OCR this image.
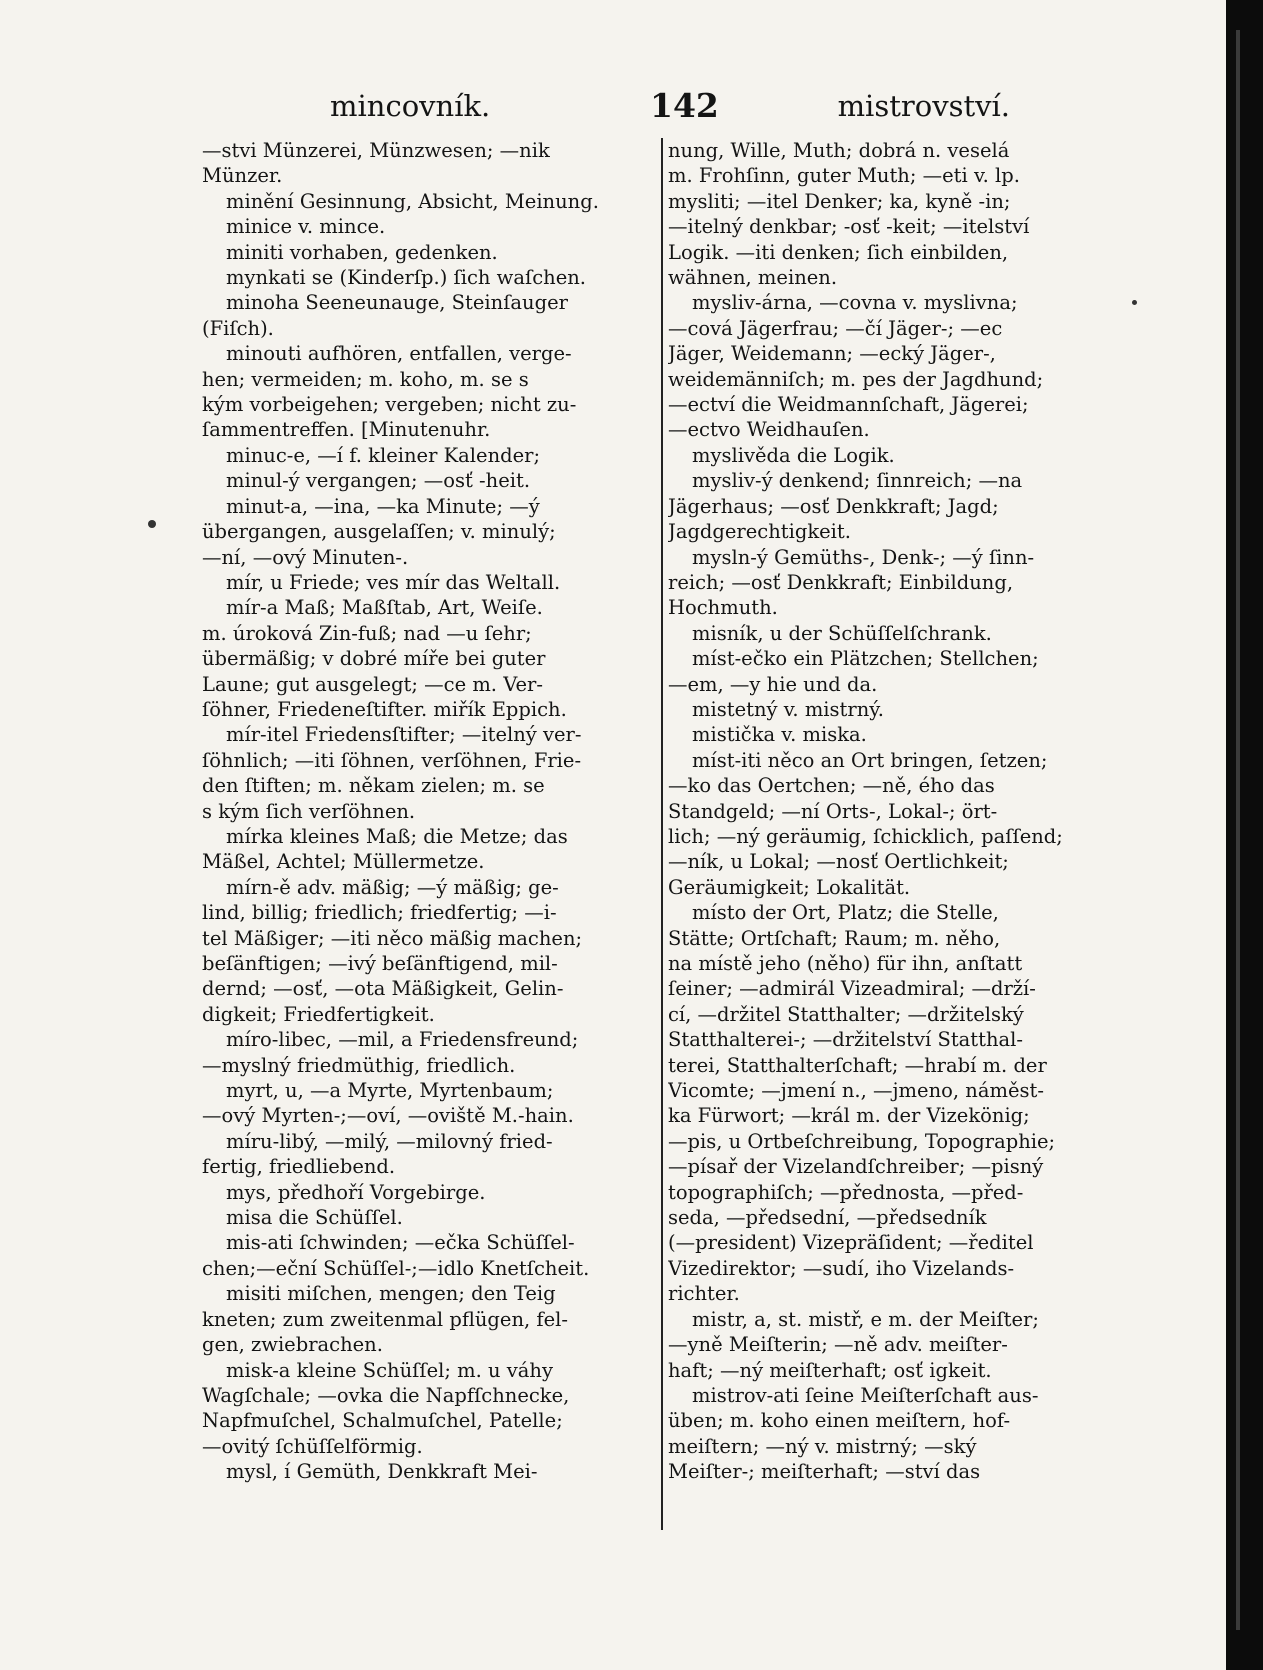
mincovník.	142	mistrovství.
—stvi Münzerei, Münzwesen; —nik
Münzer.
minění Gesinnung, Absicht, Meinung.
minice v. mince.
miniti vorhaben, gedenken.
mynkati se (Kinderſp.) ſich waſchen.
minoha Seeneunauge, Steinſauger
(Fiſch).
minouti aufhören, entfallen, verge-
hen; vermeiden; m. koho, m. se s
kým vorbeigehen; vergeben; nicht zu-
ſammentreffen. [Minutenuhr.
minuc-e, —í f. kleiner Kalender;
minul-ý vergangen; —osť -heit.
minut-a, —ina, —ka Minute; —ý
übergangen, ausgelaſſen; v. minulý;
—ní, —ový Minuten-.
mír, u Friede; ves mír das Weltall.
mír-a Maß; Maßſtab, Art, Weiſe.
m. úroková Zin-fuß; nad —u ſehr;
übermäßig; v dobré míře bei guter
Laune; gut ausgelegt; —ce m. Ver-
ſöhner, Friedeneſtifter. miřík Eppich.
mír-itel Friedensſtifter; —itelný ver-
ſöhnlich; —iti ſöhnen, verſöhnen, Frie-
den ſtiften; m. někam zielen; m. se
s kým ſich verſöhnen.
mírka kleines Maß; die Metze; das
Mäßel, Achtel; Müllermetze.
mírn-ě adv. mäßig; —ý mäßig; ge-
lind, billig; friedlich; friedfertig; —i-
tel Mäßiger; —iti něco mäßig machen;
beſänftigen; —ivý beſänftigend, mil-
dernd; —osť, —ota Mäßigkeit, Gelin-
digkeit; Friedfertigkeit.
míro-libec, —mil, a Friedensfreund;
—myslný friedmüthig, friedlich.
myrt, u, —a Myrte, Myrtenbaum;
—ový Myrten-;—oví, —oviště M.-hain.
míru-libý, —milý, —milovný fried-
fertig, friedliebend.
mys, předhoří Vorgebirge.
misa die Schüſſel.
mis-ati ſchwinden; —ečka Schüſſel-
chen;—eční Schüſſel-;—idlo Knetſcheit.
misiti miſchen, mengen; den Teig
kneten; zum zweitenmal pflügen, fel-
gen, zwiebrachen.
misk-a kleine Schüſſel; m. u váhy
Wagſchale; —ovka die Napfſchnecke,
Napfmuſchel, Schalmuſchel, Patelle;
—ovitý ſchüſſelförmig.
mysl, í Gemüth, Denkkraft Mei-
nung, Wille, Muth; dobrá n. veselá
m. Frohſinn, guter Muth; —eti v. lp.
mysliti; —itel Denker; ka, kyně -in;
—itelný denkbar; -osť -keit; —itelství
Logik. —iti denken; ſich einbilden,
wähnen, meinen.
mysliv-árna, —covna v. myslivna;
—cová Jägerfrau; —čí Jäger-; —ec
Jäger, Weidemann; —ecký Jäger-,
weidemänniſch; m. pes der Jagdhund;
—ectví die Weidmannſchaft, Jägerei;
—ectvo Weidhauſen.
myslivěda die Logik.
mysliv-ý denkend; ſinnreich; —na
Jägerhaus; —osť Denkkraft; Jagd;
Jagdgerechtigkeit.
mysln-ý Gemüths-, Denk-; —ý ſinn-
reich; —osť Denkkraft; Einbildung,
Hochmuth.
misník, u der Schüſſelſchrank.
míst-ečko ein Plätzchen; Stellchen;
—em, —y hie und da.
mistetný v. mistrný.
mistička v. miska.
míst-iti něco an Ort bringen, ſetzen;
—ko das Oertchen; —ně, ého das
Standgeld; —ní Orts-, Lokal-; ört-
lich; —ný geräumig, ſchicklich, paſſend;
—ník, u Lokal; —nosť Oertlichkeit;
Geräumigkeit; Lokalität.
místo der Ort, Platz; die Stelle,
Stätte; Ortſchaft; Raum; m. něho,
na místě jeho (něho) für ihn, anſtatt
ſeiner; —admirál Vizeadmiral; —drží-
cí, —držitel Statthalter; —držitelský
Statthalterei-; —držitelství Statthal-
terei, Statthalterſchaft; —hrabí m. der
Vicomte; —jmení n., —jmeno, náměst-
ka Fürwort; —král m. der Vizekönig;
—pis, u Ortbeſchreibung, Topographie;
—písař der Vizelandſchreiber; —pisný
topographiſch; —přednosta, —před-
seda, —předsední, —předsedník
(—president) Vizepräſident; —ředitel
Vizedirektor; —sudí, iho Vizelands-
richter.
mistr, a, st. mistř, e m. der Meiſter;
—yně Meiſterin; —ně adv. meiſter-
haft; —ný meiſterhaft; osť igkeit.
mistrov-ati ſeine Meiſterſchaft aus-
üben; m. koho einen meiſtern, hof-
meiſtern; —ný v. mistrný; —ský
Meiſter-; meiſterhaft; —ství das
